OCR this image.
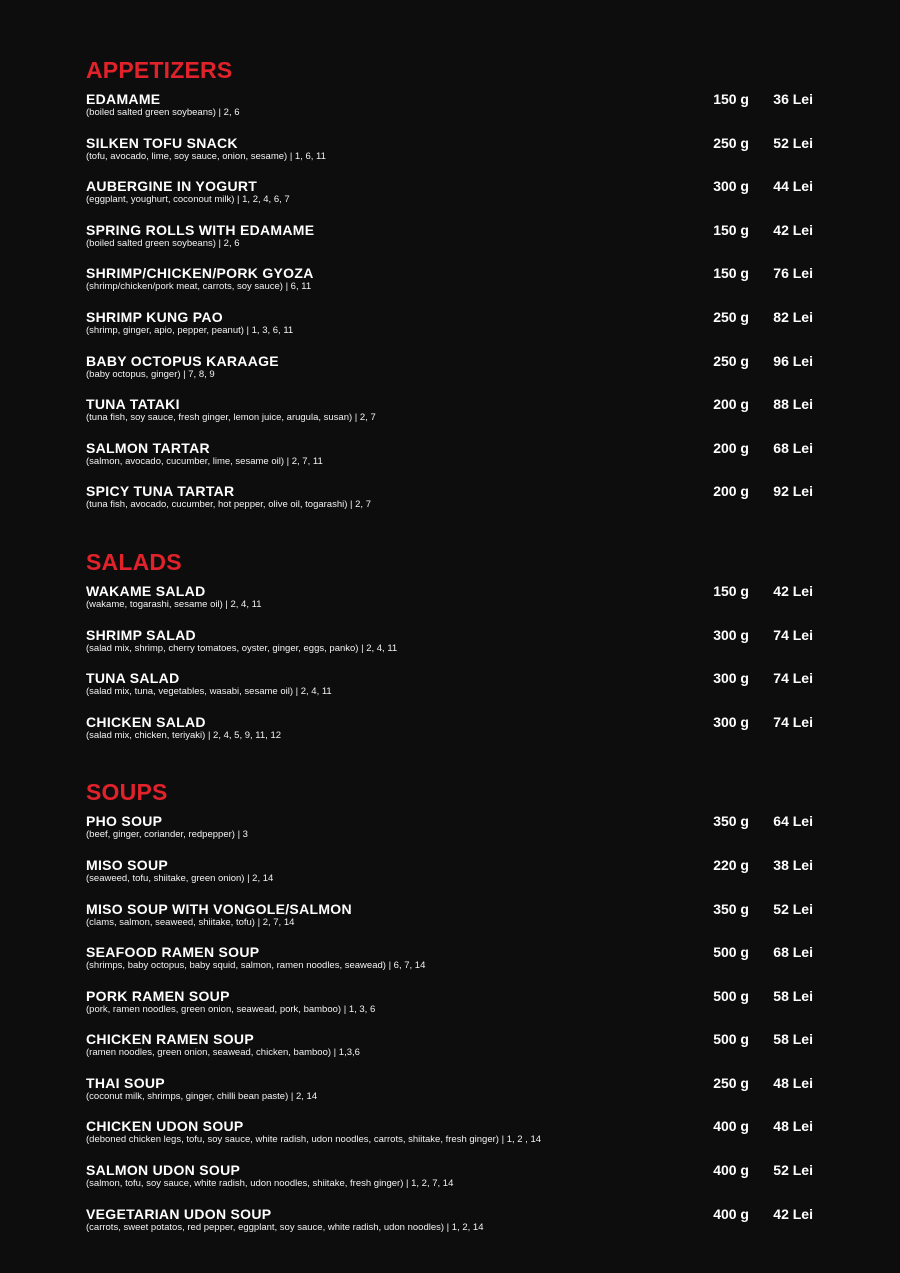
APPETIZERS
EDAMAME
(boiled salted green soybeans) | 2, 6
150 g 36 Lei
SILKEN TOFU SNACK
(tofu, avocado, lime, soy sauce, onion, sesame) | 1, 6, 11
250 g 52 Lei
AUBERGINE IN YOGURT
(eggplant, youghurt, coconout milk) | 1, 2, 4, 6, 7
300 g 44 Lei
SPRING ROLLS WITH EDAMAME
(boiled salted green soybeans) | 2, 6
150 g 42 Lei
SHRIMP/CHICKEN/PORK GYOZA
(shrimp/chicken/pork meat, carrots, soy sauce) | 6, 11
150 g 76 Lei
SHRIMP KUNG PAO
(shrimp, ginger, apio, pepper, peanut) | 1, 3, 6, 11
250 g 82 Lei
BABY OCTOPUS KARAAGE
(baby octopus, ginger) | 7, 8, 9
250 g 96 Lei
TUNA TATAKI
(tuna fish, soy sauce, fresh ginger, lemon juice, arugula, susan) | 2, 7
200 g 88 Lei
SALMON TARTAR
(salmon, avocado, cucumber, lime, sesame oil) | 2, 7, 11
200 g 68 Lei
SPICY TUNA TARTAR
(tuna fish, avocado, cucumber, hot pepper, olive oil, togarashi) | 2, 7
200 g 92 Lei
SALADS
WAKAME SALAD
(wakame, togarashi, sesame oil) | 2, 4, 11
150 g 42 Lei
SHRIMP SALAD
(salad mix, shrimp, cherry tomatoes, oyster, ginger, eggs, panko) | 2, 4, 11
300 g 74 Lei
TUNA SALAD
(salad mix, tuna, vegetables, wasabi, sesame oil) | 2, 4, 11
300 g 74 Lei
CHICKEN SALAD
(salad mix, chicken, teriyaki) | 2, 4, 5, 9, 11, 12
300 g 74 Lei
SOUPS
PHO SOUP
(beef, ginger, coriander, redpepper) | 3
350 g 64 Lei
MISO SOUP
(seaweed, tofu, shiitake, green onion) | 2, 14
220 g 38 Lei
MISO SOUP WITH VONGOLE/SALMON
(clams, salmon, seaweed, shiitake, tofu) | 2, 7, 14
350 g 52 Lei
SEAFOOD RAMEN SOUP
(shrimps, baby octopus, baby squid, salmon, ramen noodles, seawead) | 6, 7, 14
500 g 68 Lei
PORK RAMEN SOUP
(pork, ramen noodles, green onion, seawead, pork, bamboo) | 1, 3, 6
500 g 58 Lei
CHICKEN RAMEN SOUP
(ramen noodles, green onion, seawead, chicken, bamboo) | 1,3,6
500 g 58 Lei
THAI SOUP
(coconut milk, shrimps, ginger, chilli bean paste) | 2, 14
250 g 48 Lei
CHICKEN UDON SOUP
(deboned chicken legs, tofu, soy sauce, white radish, udon noodles, carrots, shiitake, fresh ginger) | 1, 2 , 14
400 g 48 Lei
SALMON UDON SOUP
(salmon, tofu, soy sauce, white radish, udon noodles, shiitake, fresh ginger) | 1, 2, 7, 14
400 g 52 Lei
VEGETARIAN UDON SOUP
(carrots, sweet potatos, red pepper, eggplant, soy sauce, white radish, udon noodles) | 1, 2, 14
400 g 42 Lei
